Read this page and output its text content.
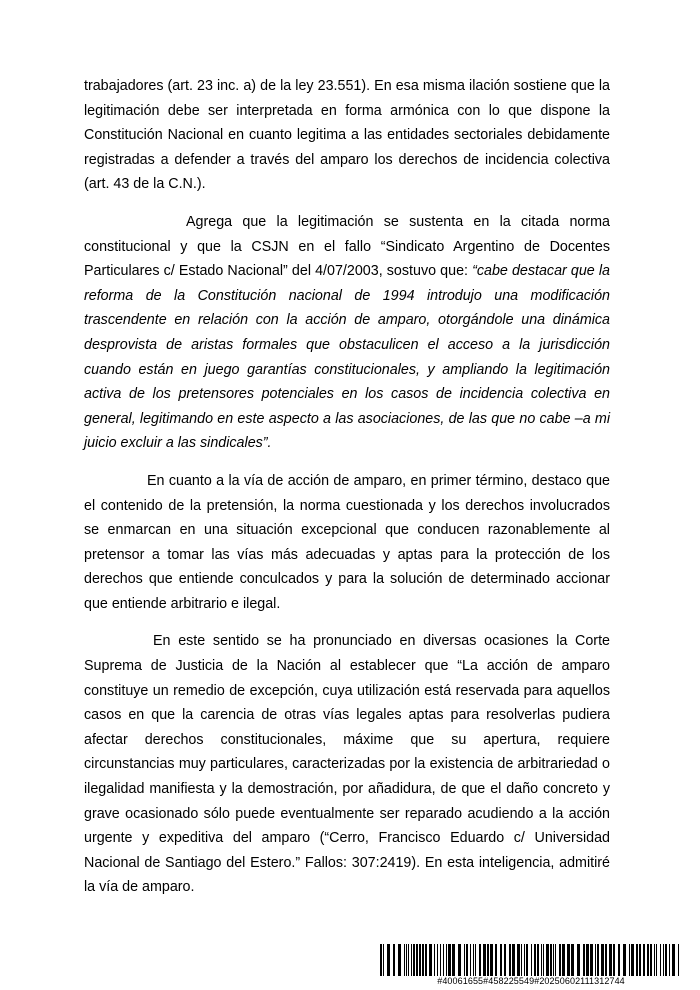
trabajadores (art. 23 inc. a) de la ley 23.551). En esa misma ilación sostiene que la legitimación debe ser interpretada en forma armónica con lo que dispone la Constitución Nacional en cuanto legitima a las entidades sectoriales debidamente registradas a defender a través del amparo los derechos de incidencia colectiva (art. 43 de la C.N.).

Agrega que la legitimación se sustenta en la citada norma constitucional y que la CSJN en el fallo “Sindicato Argentino de Docentes Particulares c/ Estado Nacional” del 4/07/2003, sostuvo que: “cabe destacar que la reforma de la Constitución nacional de 1994 introdujo una modificación trascendente en relación con la acción de amparo, otorgándole una dinámica desprovista de aristas formales que obstaculicen el acceso a la jurisdicción cuando están en juego garantías constitucionales, y ampliando la legitimación activa de los pretensores potenciales en los casos de incidencia colectiva en general, legitimando en este aspecto a las asociaciones, de las que no cabe –a mi juicio excluir a las sindicales”.

En cuanto a la vía de acción de amparo, en primer término, destaco que el contenido de la pretensión, la norma cuestionada y los derechos involucrados se enmarcan en una situación excepcional que conducen razonablemente al pretensor a tomar las vías más adecuadas y aptas para la protección de los derechos que entiende conculcados y para la solución de determinado accionar que entiende arbitrario e ilegal.

En este sentido se ha pronunciado en diversas ocasiones la Corte Suprema de Justicia de la Nación al establecer que “La acción de amparo constituye un remedio de excepción, cuya utilización está reservada para aquellos casos en que la carencia de otras vías legales aptas para resolverlas pudiera afectar derechos constitucionales, máxime que su apertura, requiere circunstancias muy particulares, caracterizadas por la existencia de arbitrariedad o ilegalidad manifiesta y la demostración, por añadidura, de que el daño concreto y grave ocasionado sólo puede eventualmente ser reparado acudiendo a la acción urgente y expeditiva del amparo (“Cerro, Francisco Eduardo c/ Universidad Nacional de Santiago del Estero.” Fallos: 307:2419). En esta inteligencia, admitiré la vía de amparo.

#40061655#458225549#20250602111312744
